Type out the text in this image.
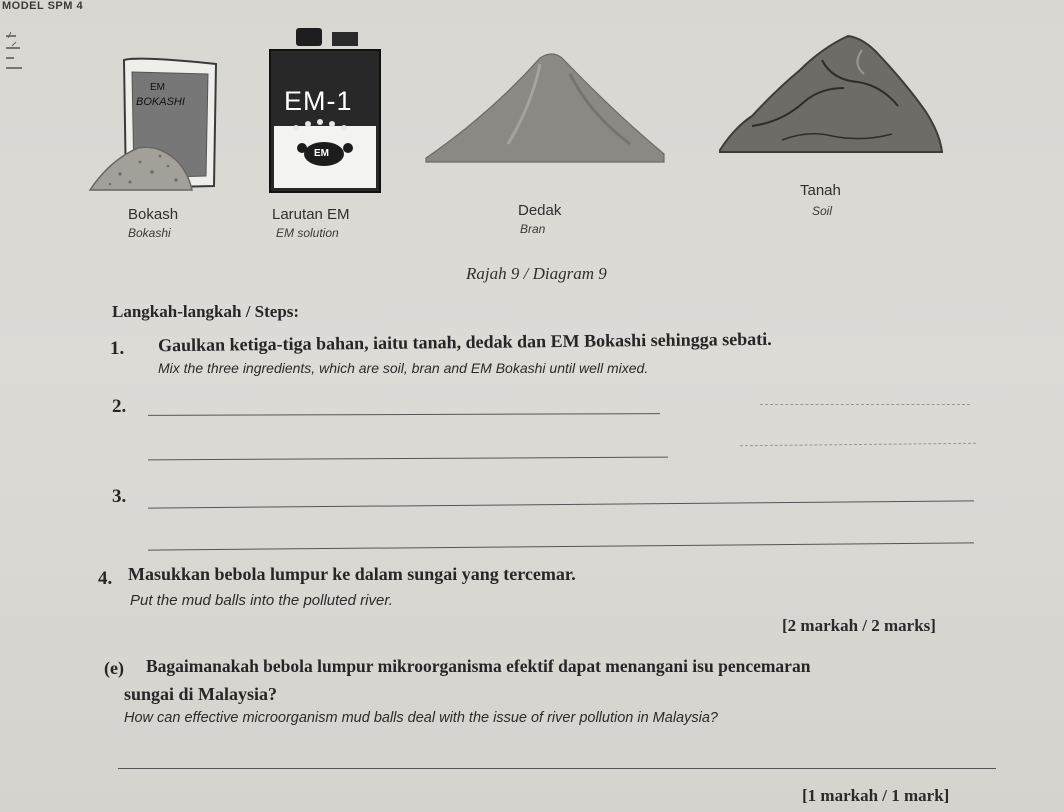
MODEL SPM 4
EM
BOKASHI	EM-1
EM
Bokash
Bokashi
Larutan EM
EM solution
Dedak
Bran
Tanah
Soil
Rajah 9 / Diagram 9
Langkah-langkah / Steps:
1. Gaulkan ketiga-tiga bahan, iaitu tanah, dedak dan EM Bokashi sehingga sebati.
Mix the three ingredients, which are soil, bran and EM Bokashi until well mixed.
2.
3.
4. Masukkan bebola lumpur ke dalam sungai yang tercemar.
Put the mud balls into the polluted river.
[2 markah / 2 marks]
(e) Bagaimanakah bebola lumpur mikroorganisma efektif dapat menangani isu pencemaran
sungai di Malaysia?
How can effective microorganism mud balls deal with the issue of river pollution in Malaysia?
[1 markah / 1 mark]
